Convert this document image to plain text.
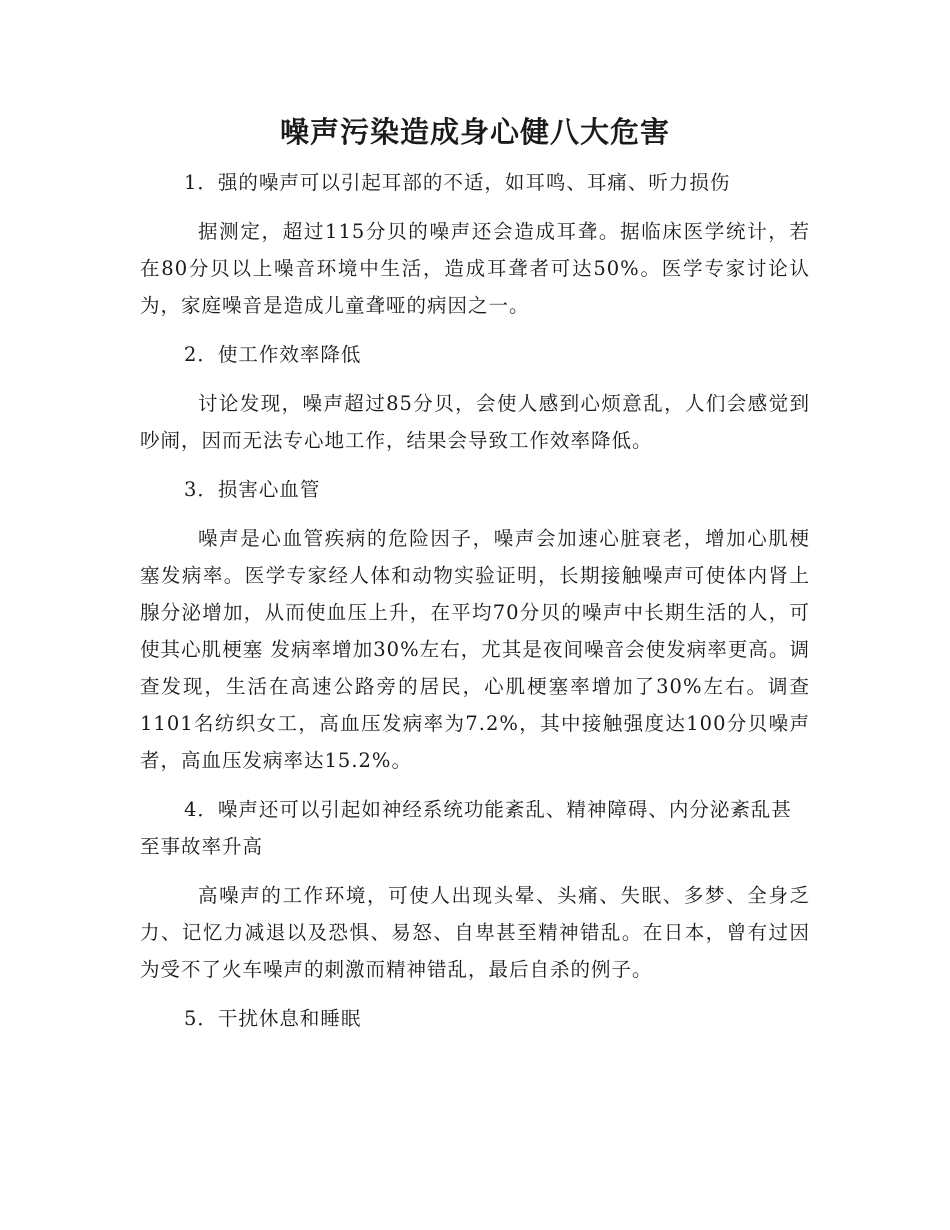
噪声污染造成身心健八大危害

1．强的噪声可以引起耳部的不适，如耳鸣、耳痛、听力损伤

据测定，超过115分贝的噪声还会造成耳聋。据临床医学统计，若在80分贝以上噪音环境中生活，造成耳聋者可达50%。医学专家讨论认为，家庭噪音是造成儿童聋哑的病因之一。

2．使工作效率降低

讨论发现，噪声超过85分贝，会使人感到心烦意乱，人们会感觉到吵闹，因而无法专心地工作，结果会导致工作效率降低。

3．损害心血管

噪声是心血管疾病的危险因子，噪声会加速心脏衰老，增加心肌梗塞发病率。医学专家经人体和动物实验证明，长期接触噪声可使体内肾上腺分泌增加，从而使血压上升，在平均70分贝的噪声中长期生活的人，可使其心肌梗塞 发病率增加30%左右，尤其是夜间噪音会使发病率更高。调查发现，生活在高速公路旁的居民，心肌梗塞率增加了30%左右。调查1101名纺织女工，高血压发病率为7.2%，其中接触强度达100分贝噪声者，高血压发病率达15.2%。

4．噪声还可以引起如神经系统功能紊乱、精神障碍、内分泌紊乱甚至事故率升高

高噪声的工作环境，可使人出现头晕、头痛、失眠、多梦、全身乏力、记忆力减退以及恐惧、易怒、自卑甚至精神错乱。在日本，曾有过因为受不了火车噪声的刺激而精神错乱，最后自杀的例子。

5．干扰休息和睡眠
